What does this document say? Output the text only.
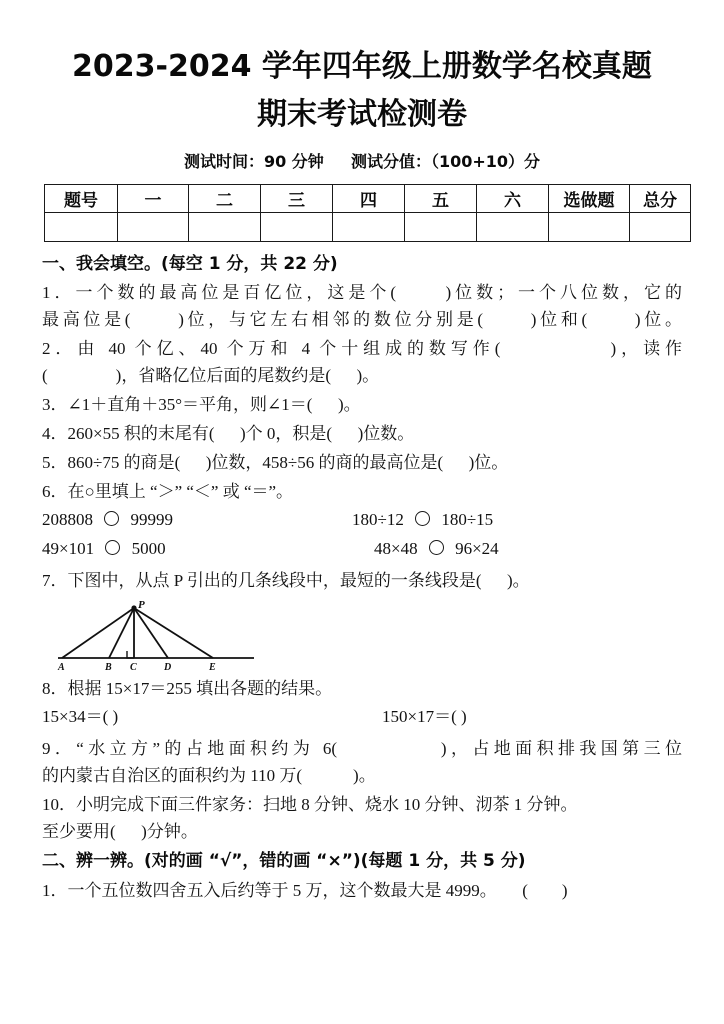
2023-2024 学年四年级上册数学名校真题
期末考试检测卷
测试时间：90 分钟 测试分值：（100+10）分
题号	一	二	三	四	五	六	选做题	总分

一、我会填空。(每空 1 分，共 22 分)
1．一个数的最高位是百亿位，这是个(      )位数；一个八位数，它的
最高位是(      )位，与它左右相邻的数位分别是(      )位和(      )位。
2．由 40 个亿、40 个万和 4 个十组成的数写作(            )，读作
(                )，省略亿位后面的尾数约是(      )。
3．∠1＋直角＋35°＝平角，则∠1＝(      )。
4．260×55 积的末尾有(      )个 0，积是(      )位数。
5．860÷75 的商是(      )位数，458÷56 的商的最高位是(      )位。
6．在○里填上 “＞” “＜” 或 “＝”。
208808 99999	180÷12 180÷15
49×101 5000	48×48 96×24
7．下图中，从点 P 引出的几条线段中，最短的一条线段是(      )。
P
A	B C	D	E
8．根据 15×17＝255 填出各题的结果。
15×34＝( )	150×17＝( )
9．“水立方”的占地面积约为 6(            )，占地面积排我国第三位
的内蒙古自治区的面积约为 110 万(            )。
10．小明完成下面三件家务：扫地 8 分钟、烧水 10 分钟、沏茶 1 分钟。
至少要用(      )分钟。
二、辨一辨。(对的画 “√”，错的画 “×”)(每题 1 分，共 5 分)
1．一个五位数四舍五入后约等于 5 万，这个数最大是 4999。　　(        )
